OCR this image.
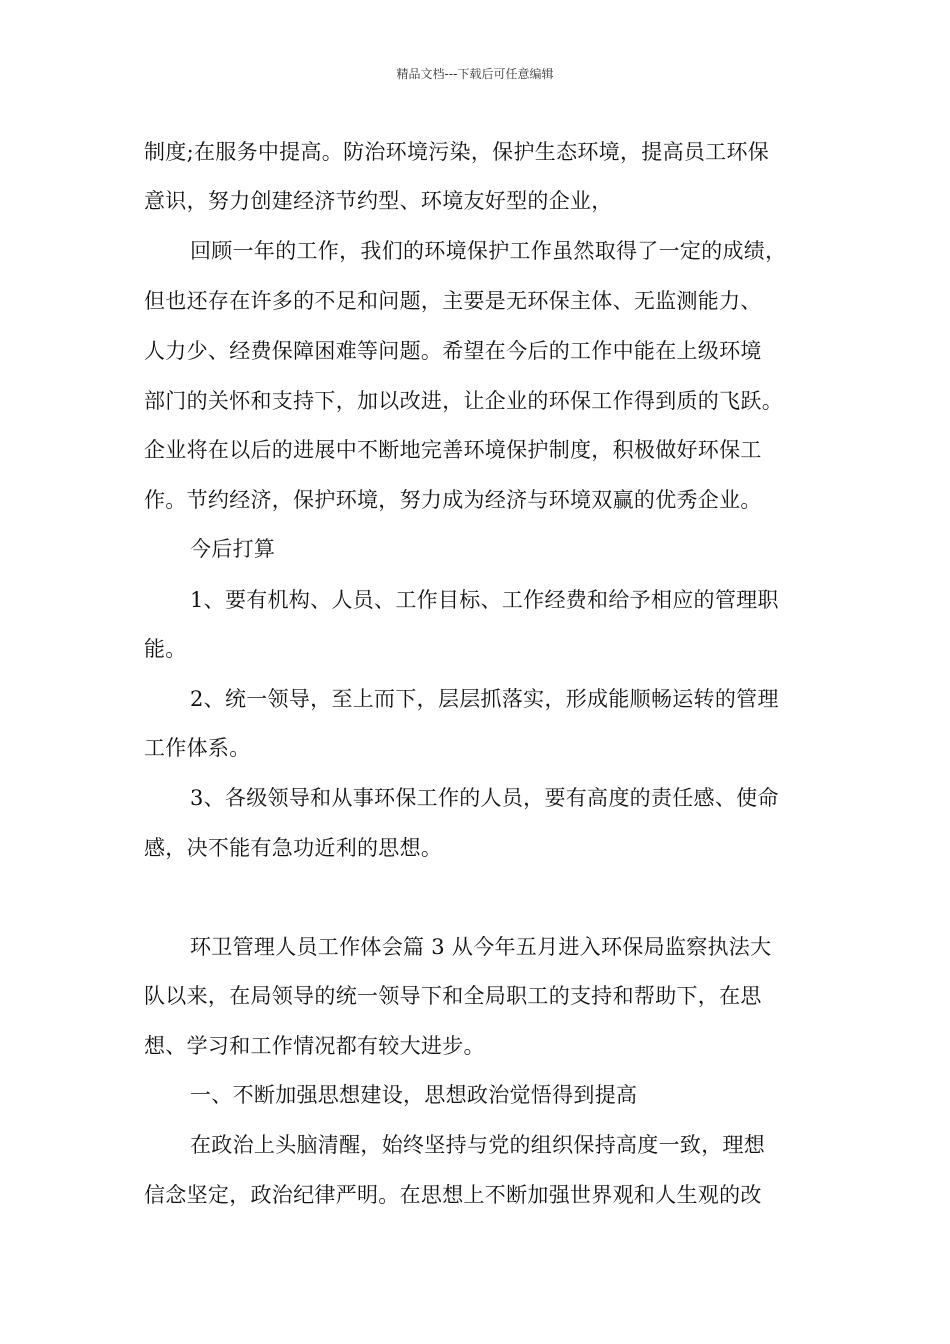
精品文档---下载后可任意编辑
制度;在服务中提高。防治环境污染，保护生态环境，提高员工环保
意识，努力创建经济节约型、环境友好型的企业，
回顾一年的工作，我们的环境保护工作虽然取得了一定的成绩，
但也还存在许多的不足和问题，主要是无环保主体、无监测能力、
人力少、经费保障困难等问题。希望在今后的工作中能在上级环境
部门的关怀和支持下，加以改进，让企业的环保工作得到质的飞跃。
企业将在以后的进展中不断地完善环境保护制度，积极做好环保工
作。节约经济，保护环境，努力成为经济与环境双赢的优秀企业。
今后打算
1、要有机构、人员、工作目标、工作经费和给予相应的管理职
能。
2、统一领导，至上而下，层层抓落实，形成能顺畅运转的管理
工作体系。
3、各级领导和从事环保工作的人员，要有高度的责任感、使命
感，决不能有急功近利的思想。
环卫管理人员工作体会篇 3 从今年五月进入环保局监察执法大
队以来，在局领导的统一领导下和全局职工的支持和帮助下，在思
想、学习和工作情况都有较大进步。
一、不断加强思想建设，思想政治觉悟得到提高
在政治上头脑清醒，始终坚持与党的组织保持高度一致，理想
信念坚定，政治纪律严明。在思想上不断加强世界观和人生观的改
